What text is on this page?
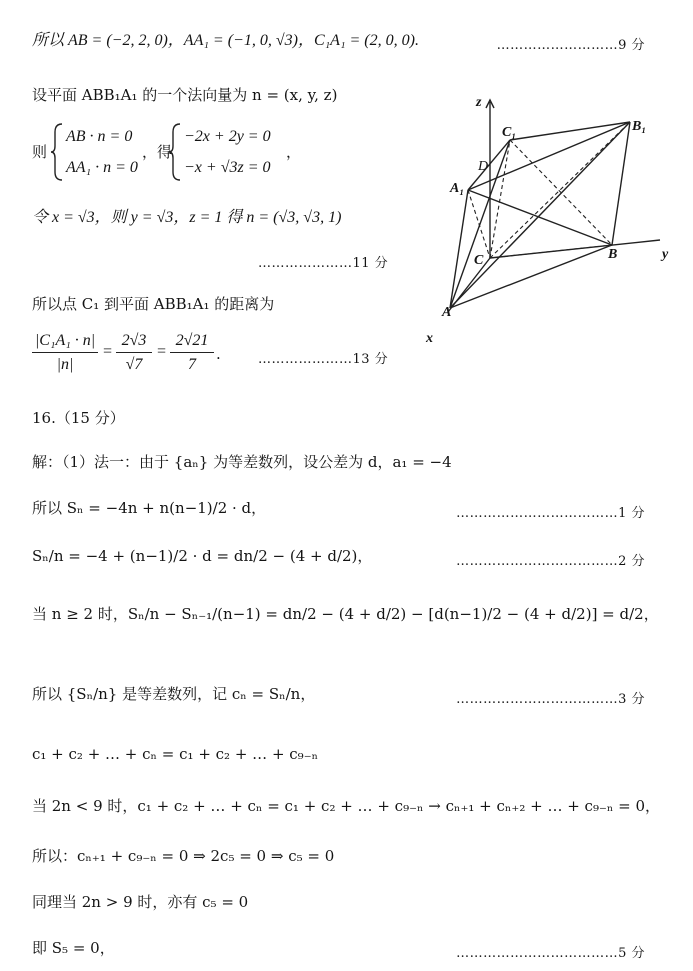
所以 AB = (−2, 2, 0)，AA₁ = (−1, 0, √3)，C₁A₁ = (2, 0, 0).	………………………9 分
设平面 ABB₁A₁ 的一个法向量为 n = (x, y, z)
则
AB · n = 0
AA₁ · n = 0
，得
−2x + 2y = 0
−x + √3z = 0
，
令 x = √3，则 y = √3，z = 1 得 n = (√3, √3, 1)
…………………11 分
所以点 C₁ 到平面 ABB₁A₁ 的距离为
$\frac{\text{|C₁A₁ · n|}}{|n|} = \frac{2√3}{√7} = \frac{2√21}{7}$ .	…………………13 分
16.（15 分）
解：（1）法一：由于 {aₙ} 为等差数列，设公差为 d，a₁ = −4
所以 Sₙ = −4n + n(n−1)/2 · d，	………………………………1 分
Sₙ/n = −4 + (n−1)/2 · d = dn/2 − (4 + d/2)，	………………………………2 分
当 n ≥ 2 时，Sₙ/n − Sₙ₋₁/(n−1) = dn/2 − (4 + d/2) − [d(n−1)/2 − (4 + d/2)] = d/2，
所以 {Sₙ/n} 是等差数列，记 cₙ = Sₙ/n，	………………………………3 分
c₁ + c₂ + … + cₙ = c₁ + c₂ + … + c₉₋ₙ
当 2n < 9 时，c₁ + c₂ + … + cₙ = c₁ + c₂ + … + c₉₋ₙ → cₙ₊₁ + cₙ₊₂ + … + c₉₋ₙ = 0，
所以：cₙ₊₁ + c₉₋ₙ = 0 ⇒ 2c₅ = 0 ⇒ c₅ = 0
同理当 2n > 9 时，亦有 c₅ = 0
即 S₅ = 0，	………………………………5 分
z
y
x
C₁	B₁
D
A₁
C	B
A
